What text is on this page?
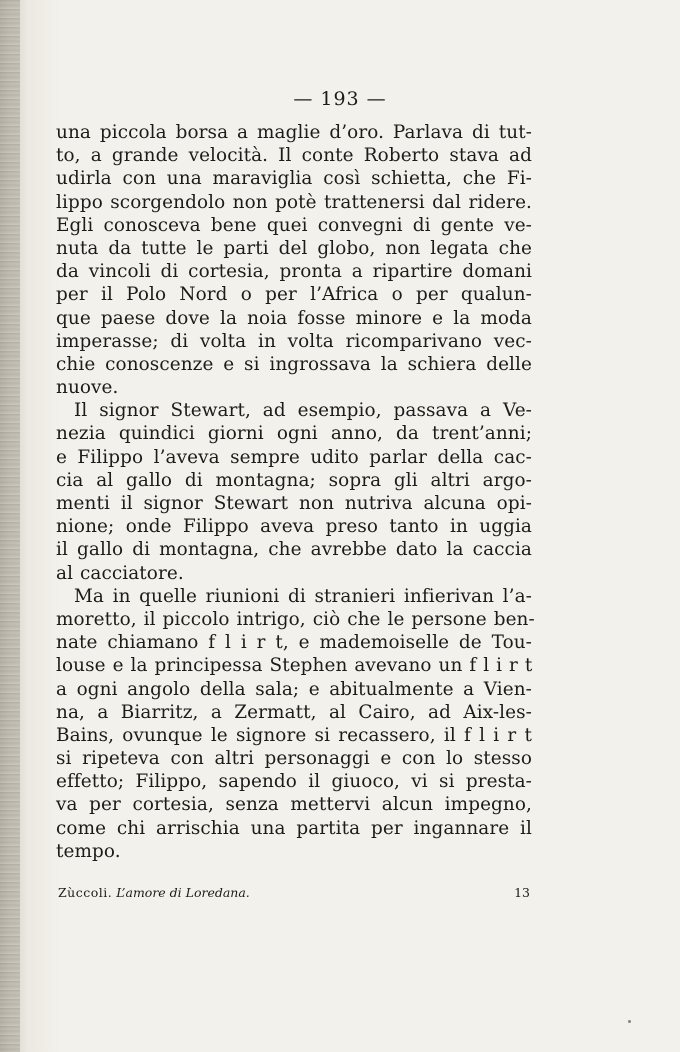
— 193 —
una piccola borsa a maglie d’oro. Parlava di tut-
to, a grande velocità. Il conte Roberto stava ad
udirla con una maraviglia così schietta, che Fi-
lippo scorgendolo non potè trattenersi dal ridere.
Egli conosceva bene quei convegni di gente ve-
nuta da tutte le parti del globo, non legata che
da vincoli di cortesia, pronta a ripartire domani
per il Polo Nord o per l’Africa o per qualun-
que paese dove la noia fosse minore e la moda
imperasse; di volta in volta ricomparivano vec-
chie conoscenze e si ingrossava la schiera delle
nuove.
Il signor Stewart, ad esempio, passava a Ve-
nezia quindici giorni ogni anno, da trent’anni;
e Filippo l’aveva sempre udito parlar della cac-
cia al gallo di montagna; sopra gli altri argo-
menti il signor Stewart non nutriva alcuna opi-
nione; onde Filippo aveva preso tanto in uggia
il gallo di montagna, che avrebbe dato la caccia
al cacciatore.
Ma in quelle riunioni di stranieri infierivan l’a-
moretto, il piccolo intrigo, ciò che le persone ben-
nate chiamano f l i r t, e mademoiselle de Tou-
louse e la principessa Stephen avevano un f l i r t
a ogni angolo della sala; e abitualmente a Vien-
na, a Biarritz, a Zermatt, al Cairo, ad Aix-les-
Bains, ovunque le signore si recassero, il f l i r t
si ripeteva con altri personaggi e con lo stesso
effetto; Filippo, sapendo il giuoco, vi si presta-
va per cortesia, senza mettervi alcun impegno,
come chi arrischia una partita per ingannare il
tempo.
Zùccoli. L’amore di Loredana.	13
